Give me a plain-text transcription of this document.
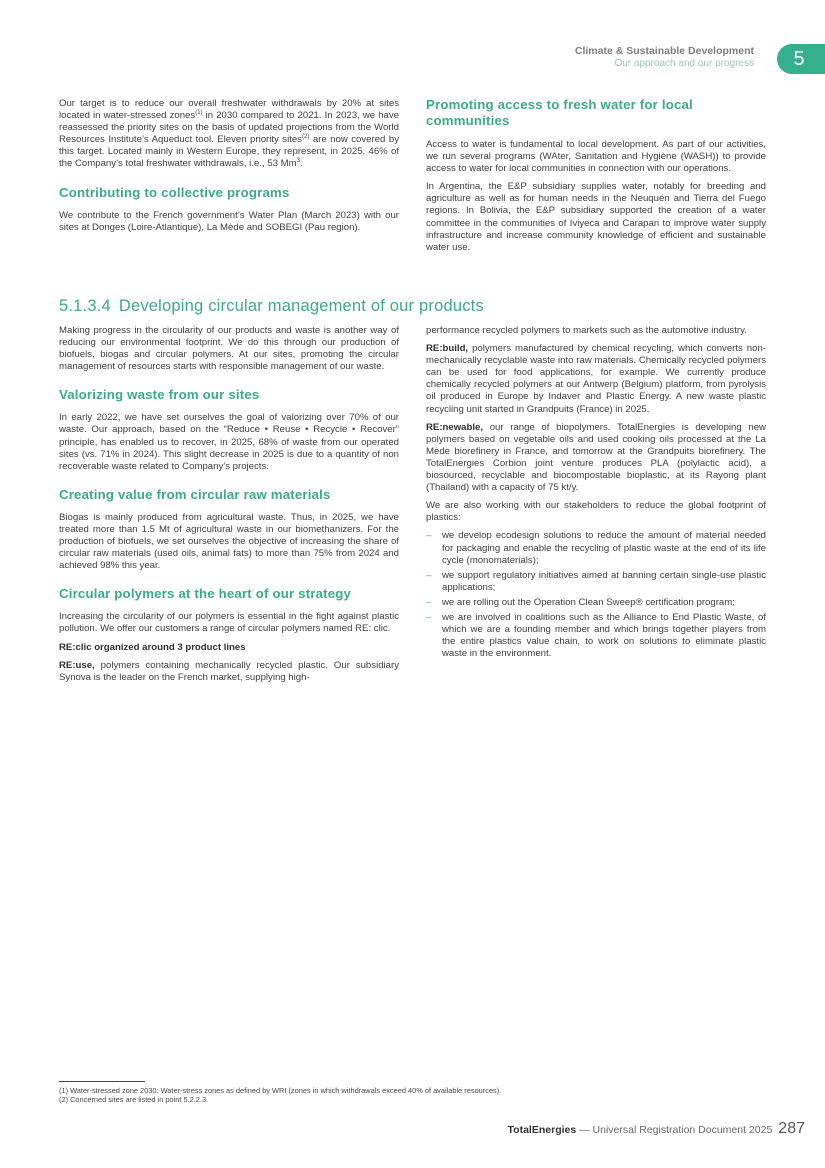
Climate & Sustainable Development
Our approach and our progress	5

Our target is to reduce our overall freshwater withdrawals by 20% at sites located in water-stressed zones$^{(1)}$ in 2030 compared to 2021. In 2023, we have reassessed the priority sites on the basis of updated projections from the World Resources Institute’s Aqueduct tool. Eleven priority sites$^{(2)}$ are now covered by this target. Located mainly in Western Europe, they represent, in 2025, 46% of the Company’s total freshwater withdrawals, i.e., 53 Mm$^3$.

Contributing to collective programs

We contribute to the French government’s Water Plan (March 2023) with our sites at Donges (Loire-Atlantique), La Mède and SOBEGI (Pau region).

Promoting access to fresh water for local communities

Access to water is fundamental to local development. As part of our activities, we run several programs (WAter, Sanitation and Hygiène (WASH)) to provide access to water for local communities in connection with our operations.

In Argentina, the E&P subsidiary supplies water, notably for breeding and agriculture as well as for human needs in the Neuquén and Tierra del Fuego regions. In Bolivia, the E&P subsidiary supported the creation of a water committee in the communities of Iviyeca and Carapari to improve water supply infrastructure and increase community knowledge of efficient and sustainable water use.

5.1.3.4 Developing circular management of our products

Making progress in the circularity of our products and waste is another way of reducing our environmental footprint. We do this through our production of biofuels, biogas and circular polymers. At our sites, promoting the circular management of resources starts with responsible management of our waste.

Valorizing waste from our sites

In early 2022, we have set ourselves the goal of valorizing over 70% of our waste. Our approach, based on the “Reduce • Reuse • Recycle • Recover” principle, has enabled us to recover, in 2025, 68% of waste from our operated sites (vs. 71% in 2024). This slight decrease in 2025 is due to a quantity of non recoverable waste related to Company’s projects.

Creating value from circular raw materials

Biogas is mainly produced from agricultural waste. Thus, in 2025, we have treated more than 1.5 Mt of agricultural waste in our biomethanizers. For the production of biofuels, we set ourselves the objective of increasing the share of circular raw materials (used oils, animal fats) to more than 75% from 2024 and achieved 98% this year.

Circular polymers at the heart of our strategy

Increasing the circularity of our polymers is essential in the fight against plastic pollution. We offer our customers a range of circular polymers named RE: clic.

RE:clic organized around 3 product lines

RE:use, polymers containing mechanically recycled plastic. Our subsidiary Synova is the leader on the French market, supplying high-

performance recycled polymers to markets such as the automotive industry.

RE:build, polymers manufactured by chemical recycling, which converts non-mechanically recyclable waste into raw materials. Chemically recycled polymers can be used for food applications, for example. We currently produce chemically recycled polymers at our Antwerp (Belgium) platform, from pyrolysis oil produced in Europe by Indaver and Plastic Energy. A new waste plastic recycling unit started in Grandpuits (France) in 2025.

RE:newable, our range of biopolymers. TotalEnergies is developing new polymers based on vegetable oils and used cooking oils processed at the La Mède biorefinery in France, and tomorrow at the Grandpuits biorefinery. The TotalEnergies Corbion joint venture produces PLA (polylactic acid), a biosourced, recyclable and biocompostable bioplastic, at its Rayong plant (Thailand) with a capacity of 75 kt/y.

We are also working with our stakeholders to reduce the global footprint of plastics:

– we develop ecodesign solutions to reduce the amount of material needed for packaging and enable the recycling of plastic waste at the end of its life cycle (monomaterials);
– we support regulatory initiatives aimed at banning certain single-use plastic applications;
– we are rolling out the Operation Clean Sweep® certification program;
– we are involved in coalitions such as the Alliance to End Plastic Waste, of which we are a founding member and which brings together players from the entire plastics value chain, to work on solutions to eliminate plastic waste in the environment.
(1) Water-stressed zone 2030: Water-stress zones as defined by WRI (zones in which withdrawals exceed 40% of available resources).
(2) Concerned sites are listed in point 5.2.2.3.
TotalEnergies — Universal Registration Document 2025 287
